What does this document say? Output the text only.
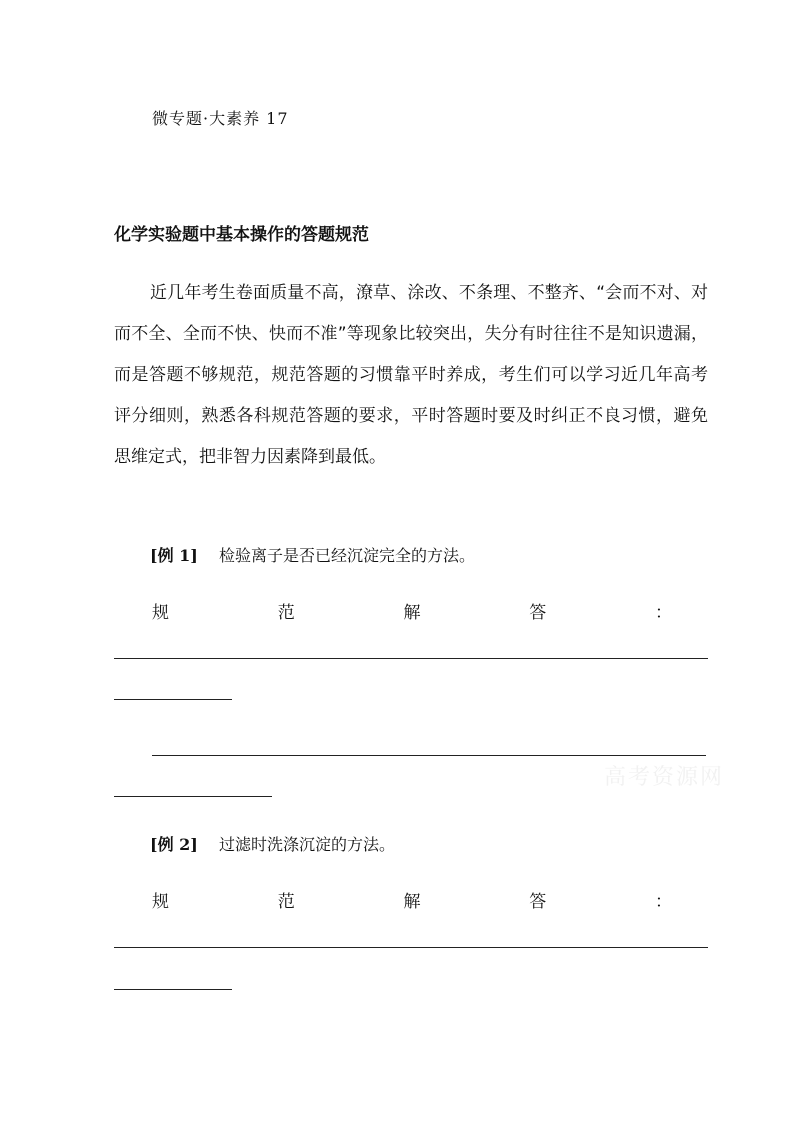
微专题·大素养 17
化学实验题中基本操作的答题规范

近几年考生卷面质量不高，潦草、涂改、不条理、不整齐、“会而不对、对而不全、全而不快、快而不准”等现象比较突出，失分有时往往不是知识遗漏，而是答题不够规范，规范答题的习惯靠平时养成，考生们可以学习近几年高考评分细则，熟悉各科规范答题的要求，平时答题时要及时纠正不良习惯，避免思维定式，把非智力因素降到最低。

[例 1] 检验离子是否已经沉淀完全的方法。
规	范	解	答	：
高考资源网
[例 2] 过滤时洗涤沉淀的方法。
规	范	解	答	：
